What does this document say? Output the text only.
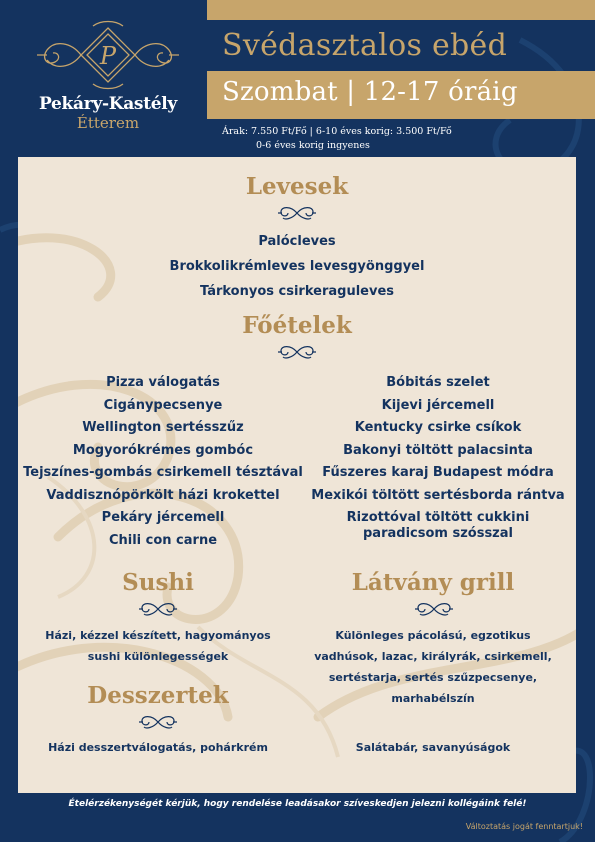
P
Pekáry-Kastély
Étterem
Svédasztalos ebéd
Szombat | 12-17 óráig
Árak: 7.550 Ft/Fő | 6-10 éves korig: 3.500 Ft/Fő
0-6 éves korig ingyenes
Levesek
Palócleves
Brokkolikrémleves levesgyönggyel
Tárkonyos csirkeraguleves
Főételek
Pizza válogatás
Cigánypecsenye
Wellington sertésszűz
Mogyorókrémes gombóc
Tejszínes-gombás csirkemell tésztával
Vaddisznópörkölt házi krokettel
Pekáry jércemell
Chili con carne
Bóbitás szelet
Kijevi jércemell
Kentucky csirke csíkok
Bakonyi töltött palacsinta
Fűszeres karaj Budapest módra
Mexikói töltött sertésborda rántva
Rizottóval töltött cukkini
paradicsom szósszal
Sushi
Házi, kézzel készített, hagyományos
sushi különlegességek
Látvány grill
Különleges pácolású, egzotikus
vadhúsok, lazac, királyrák, csirkemell,
sertéstarja, sertés szűzpecsenye,
marhabélszín
Desszertek
Házi desszertválogatás, pohárkrém	Salátabár, savanyúságok
Ételérzékenységét kérjük, hogy rendelése leadásakor szíveskedjen jelezni kollégáink felé!
Változtatás jogát fenntartjuk!
